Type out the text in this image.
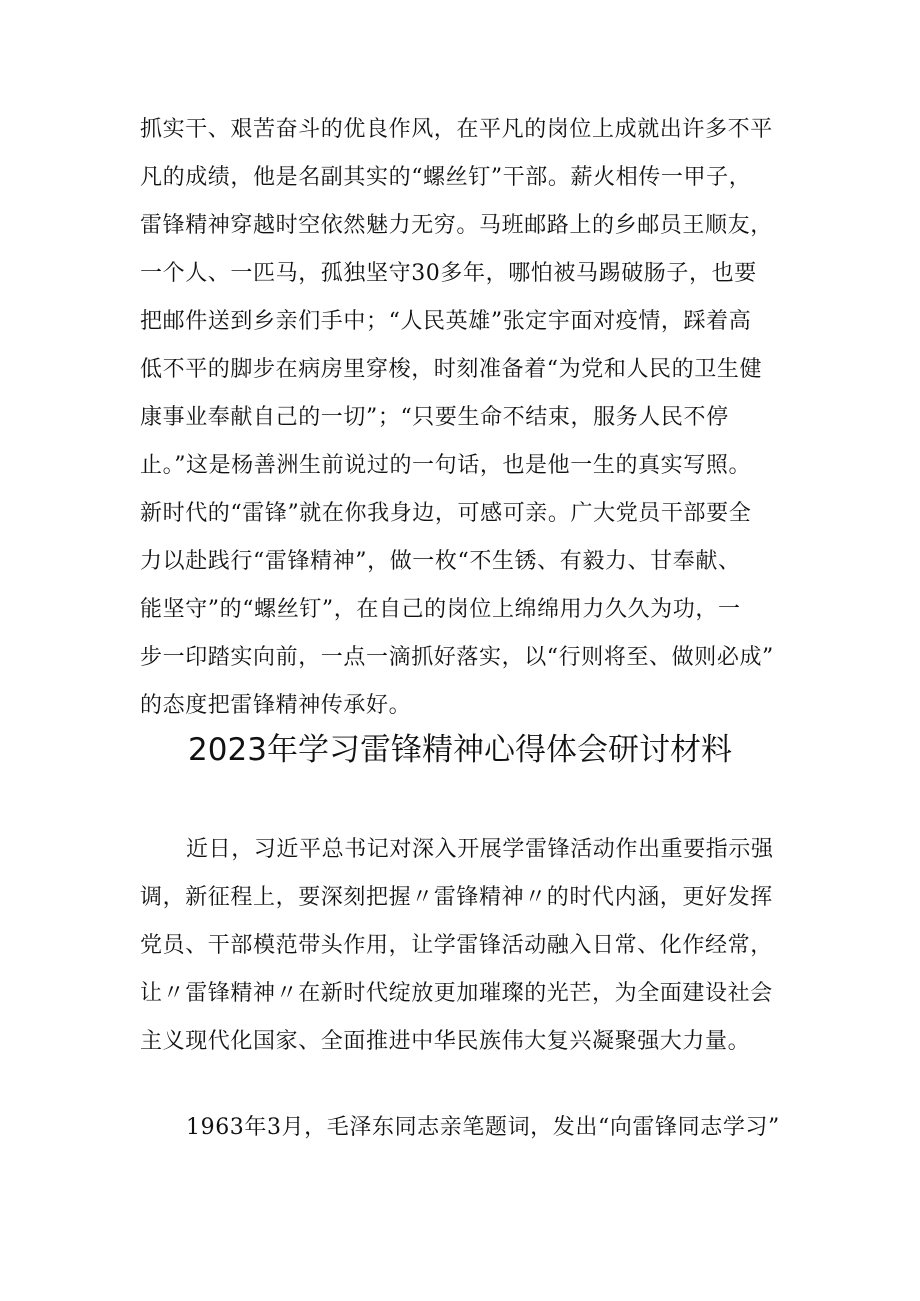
抓实干、艰苦奋斗的优良作风，在平凡的岗位上成就出许多不平
凡的成绩，他是名副其实的“螺丝钉”干部。薪火相传一甲子，
雷锋精神穿越时空依然魅力无穷。马班邮路上的乡邮员王顺友，
一个人、一匹马，孤独坚守30多年，哪怕被马踢破肠子，也要
把邮件送到乡亲们手中；“人民英雄”张定宇面对疫情，踩着高
低不平的脚步在病房里穿梭，时刻准备着“为党和人民的卫生健
康事业奉献自己的一切”；“只要生命不结束，服务人民不停
止。”这是杨善洲生前说过的一句话，也是他一生的真实写照。
新时代的“雷锋”就在你我身边，可感可亲。广大党员干部要全
力以赴践行“雷锋精神”，做一枚“不生锈、有毅力、甘奉献、
能坚守”的“螺丝钉”，在自己的岗位上绵绵用力久久为功，一
步一印踏实向前，一点一滴抓好落实，以“行则将至、做则必成”
的态度把雷锋精神传承好。
2023年学习雷锋精神心得体会研讨材料
近日，习近平总书记对深入开展学雷锋活动作出重要指示强
调，新征程上，要深刻把握〃雷锋精神〃的时代内涵，更好发挥
党员、干部模范带头作用，让学雷锋活动融入日常、化作经常，
让〃雷锋精神〃在新时代绽放更加璀璨的光芒，为全面建设社会
主义现代化国家、全面推进中华民族伟大复兴凝聚强大力量。
1963年3月，毛泽东同志亲笔题词，发出“向雷锋同志学习”
